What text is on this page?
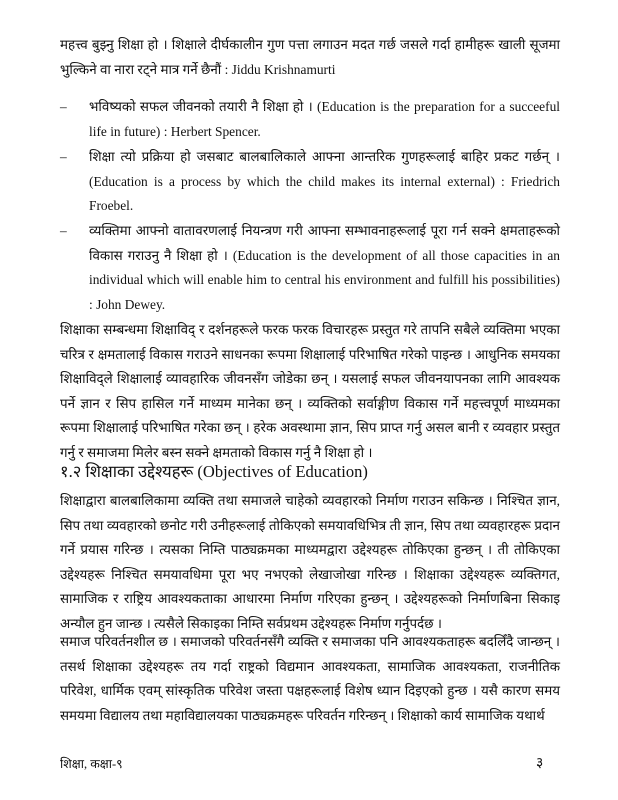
महत्त्व बुझ्नु शिक्षा हो । शिक्षाले दीर्घकालीन गुण पत्ता लगाउन मदत गर्छ जसले गर्दा हामीहरू खाली सूजमा भुल्किने वा नारा रट्ने मात्र गर्ने छैनौं : Jiddu Krishnamurti

–	भविष्यको सफल जीवनको तयारी नै शिक्षा हो । (Education is the preparation for a succeeful life in future) : Herbert Spencer.
–	शिक्षा त्यो प्रक्रिया हो जसबाट बालबालिकाले आफ्ना आन्तरिक गुणहरूलाई बाहिर प्रकट गर्छन् । (Education is a process by which the child makes its internal external) : Friedrich Froebel.
–	व्यक्तिमा आफ्नो वातावरणलाई नियन्त्रण गरी आफ्ना सम्भावनाहरूलाई पूरा गर्न सक्ने क्षमताहरूको विकास गराउनु नै शिक्षा हो । (Education is the development of all those capacities in an individual which will enable him to central his environment and fulfill his possibilities) : John Dewey.

शिक्षाका सम्बन्धमा शिक्षाविद् र दर्शनहरूले फरक फरक विचारहरू प्रस्तुत गरे तापनि सबैले व्यक्तिमा भएका चरित्र र क्षमतालाई विकास गराउने साधनका रूपमा शिक्षालाई परिभाषित गरेको पाइन्छ । आधुनिक समयका शिक्षाविद्ले शिक्षालाई व्यावहारिक जीवनसँग जोडेका छन् । यसलाई सफल जीवनयापनका लागि आवश्यक पर्ने ज्ञान र सिप हासिल गर्ने माध्यम मानेका छन् । व्यक्तिको सर्वाङ्गीण विकास गर्ने महत्त्वपूर्ण माध्यमका रूपमा शिक्षालाई परिभाषित गरेका छन् । हरेक अवस्थामा ज्ञान, सिप प्राप्त गर्नु असल बानी र व्यवहार प्रस्तुत गर्नु र समाजमा मिलेर बस्न सक्ने क्षमताको विकास गर्नु नै शिक्षा हो ।

१.२ शिक्षाका उद्देश्यहरू (Objectives of Education)

शिक्षाद्वारा बालबालिकामा व्यक्ति तथा समाजले चाहेको व्यवहारको निर्माण गराउन सकिन्छ । निश्चित ज्ञान, सिप तथा व्यवहारको छनोट गरी उनीहरूलाई तोकिएको समयावधिभित्र ती ज्ञान, सिप तथा व्यवहारहरू प्रदान गर्ने प्रयास गरिन्छ । त्यसका निम्ति पाठ्यक्रमका माध्यमद्वारा उद्देश्यहरू तोकिएका हुन्छन् । ती तोकिएका उद्देश्यहरू निश्चित समयावधिमा पूरा भए नभएको लेखाजोखा गरिन्छ । शिक्षाका उद्देश्यहरू व्यक्तिगत, सामाजिक र राष्ट्रिय आवश्यकताका आधारमा निर्माण गरिएका हुन्छन् । उद्देश्यहरूको निर्माणबिना सिकाइ अन्यौल हुन जान्छ । त्यसैले सिकाइका निम्ति सर्वप्रथम उद्देश्यहरू निर्माण गर्नुपर्दछ ।

समाज परिवर्तनशील छ । समाजको परिवर्तनसँगै व्यक्ति र समाजका पनि आवश्यकताहरू बदलिँदै जान्छन् । तसर्थ शिक्षाका उद्देश्यहरू तय गर्दा राष्ट्रको विद्यमान आवश्यकता, सामाजिक आवश्यकता, राजनीतिक परिवेश, धार्मिक एवम् सांस्कृतिक परिवेश जस्ता पक्षहरूलाई विशेष ध्यान दिइएको हुन्छ । यसै कारण समय समयमा विद्यालय तथा महाविद्यालयका पाठ्यक्रमहरू परिवर्तन गरिन्छन् । शिक्षाको कार्य सामाजिक यथार्थ

शिक्षा, कक्षा-९	३
